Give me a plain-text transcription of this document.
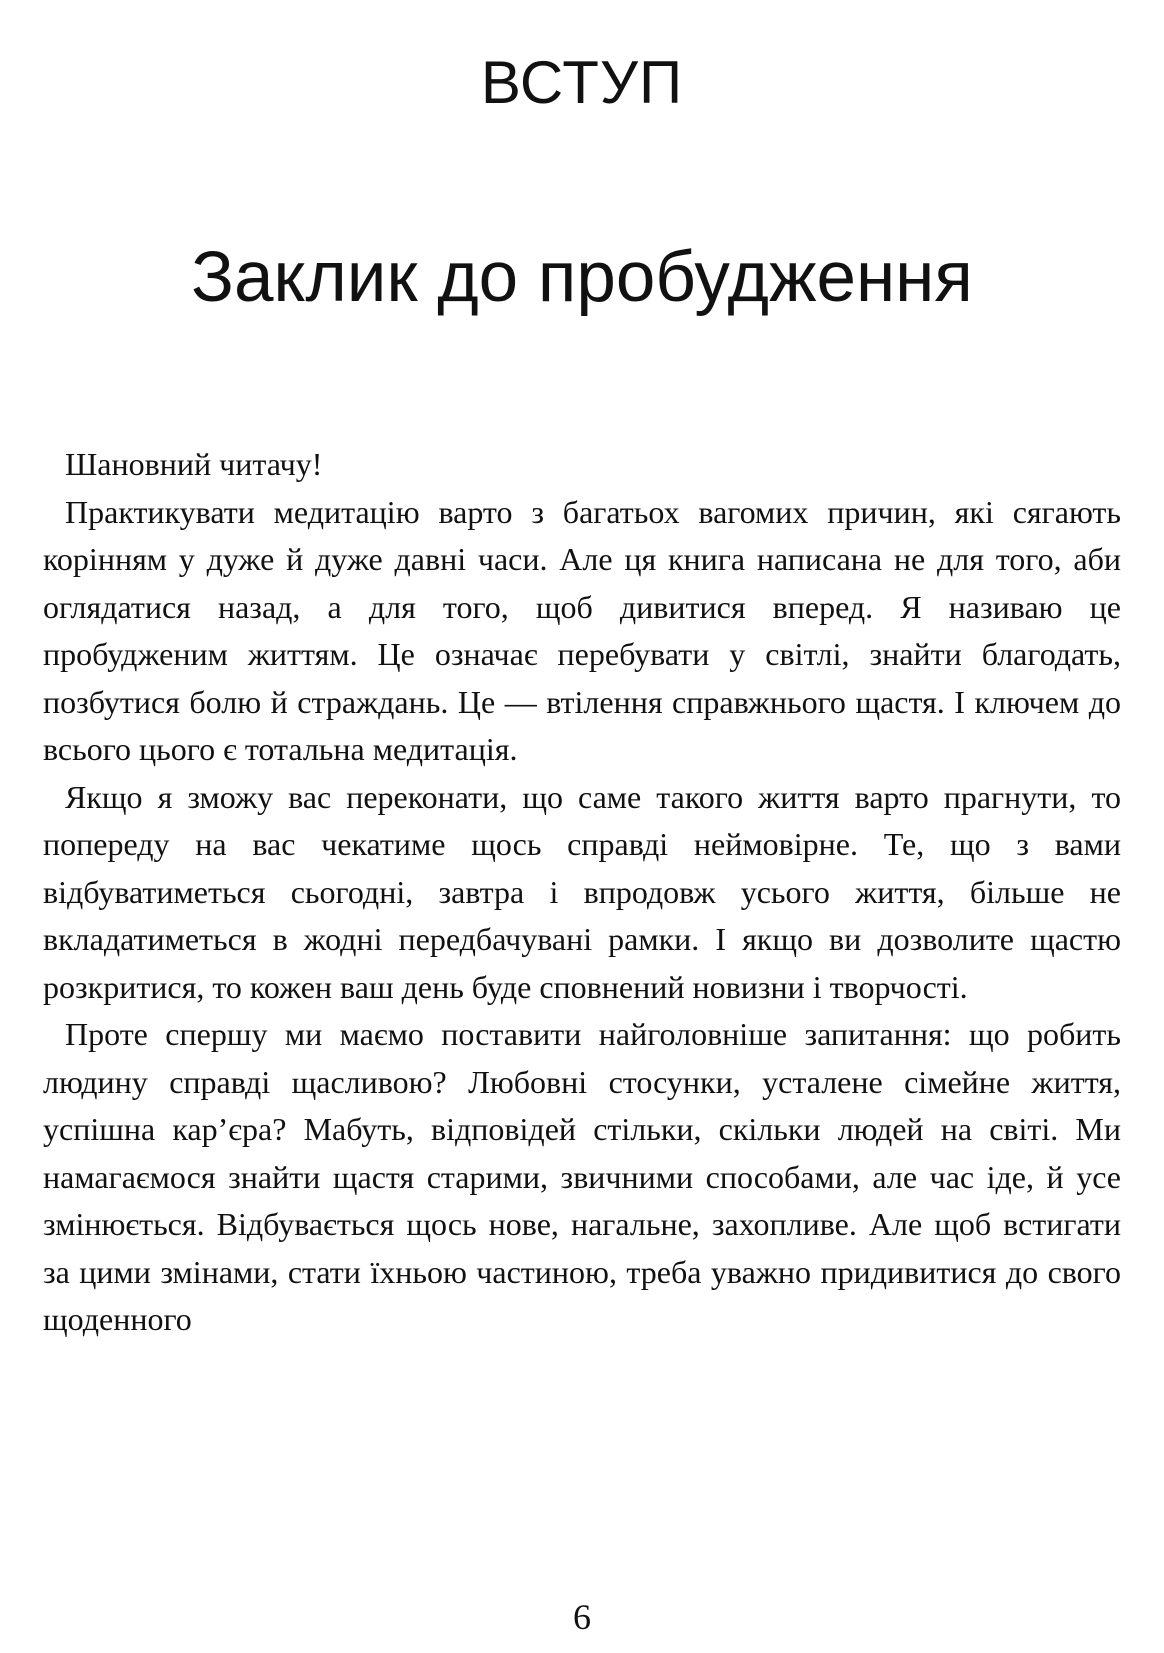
ВСТУП
Заклик до пробудження

Шановний читачу!

Практикувати медитацію варто з багатьох вагомих причин, які сягають корінням у дуже й дуже давні часи. Але ця книга написана не для того, аби оглядатися назад, а для того, щоб дивитися вперед. Я називаю це пробудженим життям. Це означає перебувати у світлі, знайти благодать, позбутися болю й страждань. Це — втілення справжнього щастя. І ключем до всього цього є тотальна медитація.

Якщо я зможу вас переконати, що саме такого життя варто прагнути, то попереду на вас чекатиме щось справді неймовірне. Те, що з вами відбуватиметься сьогодні, завтра і впродовж усього життя, більше не вкладатиметься в жодні передбачувані рамки. І якщо ви дозволите щастю розкритися, то кожен ваш день буде сповнений новизни і творчості.

Проте спершу ми маємо поставити найголовніше запитання: що робить людину справді щасливою? Любовні стосунки, усталене сімейне життя, успішна кар’єра? Мабуть, відповідей стільки, скільки людей на світі. Ми намагаємося знайти щастя старими, звичними способами, але час іде, й усе змінюється. Відбувається щось нове, нагальне, захопливе. Але щоб встигати за цими змінами, стати їхньою частиною, треба уважно придивитися до свого щоденного

6
